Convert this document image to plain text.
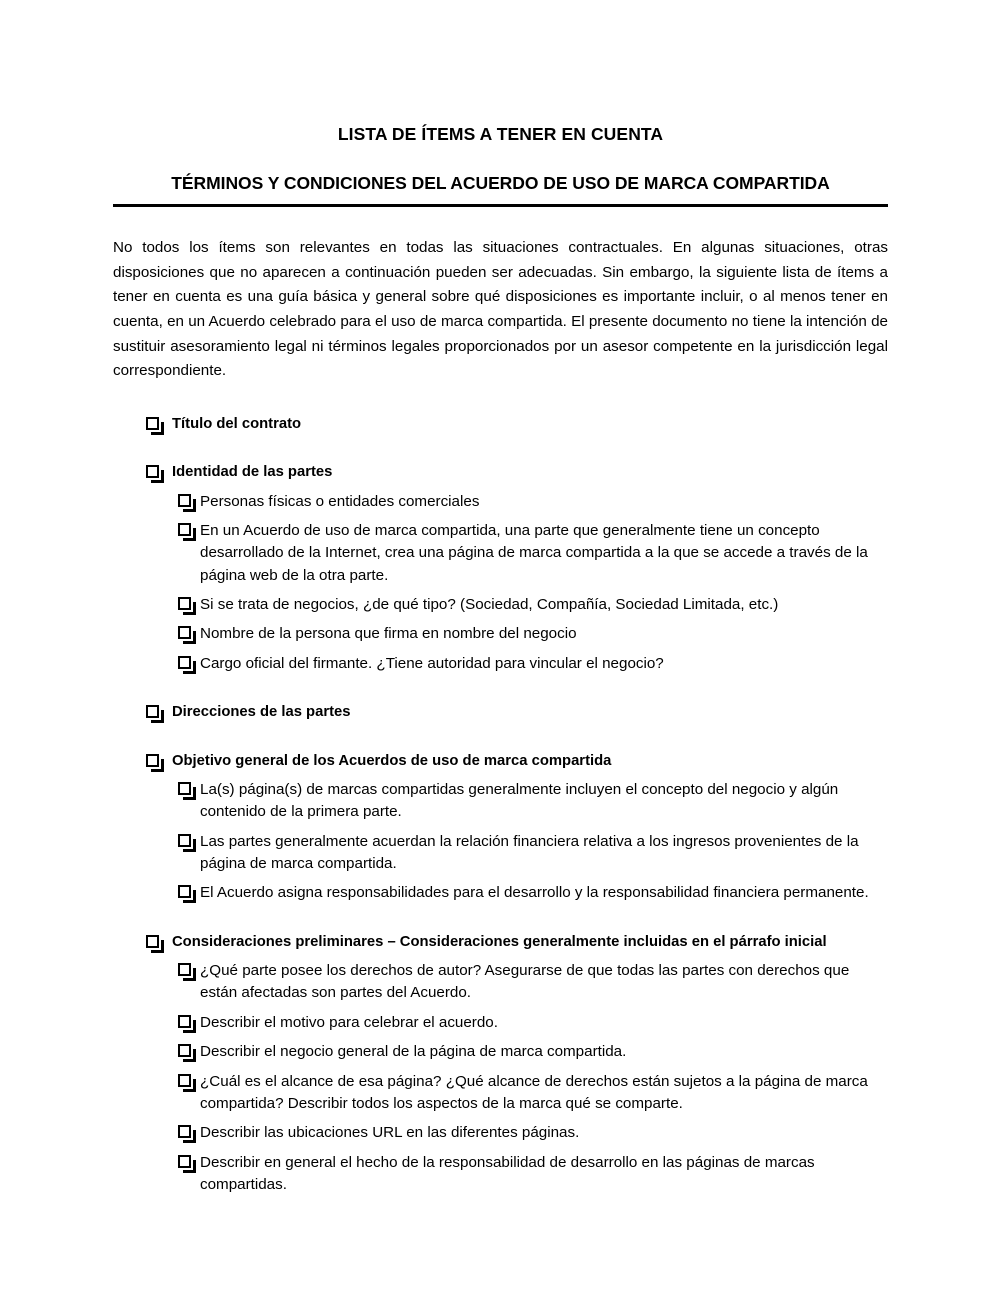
LISTA DE ÍTEMS A TENER EN CUENTA
TÉRMINOS Y CONDICIONES DEL ACUERDO DE USO DE MARCA COMPARTIDA

No todos los ítems son relevantes en todas las situaciones contractuales. En algunas situaciones, otras disposiciones que no aparecen a continuación pueden ser adecuadas. Sin embargo, la siguiente lista de ítems a tener en cuenta es una guía básica y general sobre qué disposiciones es importante incluir, o al menos tener en cuenta, en un Acuerdo celebrado para el uso de marca compartida. El presente documento no tiene la intención de sustituir asesoramiento legal ni términos legales proporcionados por un asesor competente en la jurisdicción legal correspondiente.

Título del contrato
Identidad de las partes
Personas físicas o entidades comerciales
En un Acuerdo de uso de marca compartida, una parte que generalmente tiene un concepto desarrollado de la Internet, crea una página de marca compartida a la que se accede a través de la página web de la otra parte.
Si se trata de negocios, ¿de qué tipo? (Sociedad, Compañía, Sociedad Limitada, etc.)
Nombre de la persona que firma en nombre del negocio
Cargo oficial del firmante. ¿Tiene autoridad para vincular el negocio?
Direcciones de las partes
Objetivo general de los Acuerdos de uso de marca compartida
La(s) página(s) de marcas compartidas generalmente incluyen el concepto del negocio y algún contenido de la primera parte.
Las partes generalmente acuerdan la relación financiera relativa a los ingresos provenientes de la página de marca compartida.
El Acuerdo asigna responsabilidades para el desarrollo y la responsabilidad financiera permanente.
Consideraciones preliminares – Consideraciones generalmente incluidas en el párrafo inicial
¿Qué parte posee los derechos de autor? Asegurarse de que todas las partes con derechos que están afectadas son partes del Acuerdo.
Describir el motivo para celebrar el acuerdo.
Describir el negocio general de la página de marca compartida.
¿Cuál es el alcance de esa página? ¿Qué alcance de derechos están sujetos a la página de marca compartida? Describir todos los aspectos de la marca qué se comparte.
Describir las ubicaciones URL en las diferentes páginas.
Describir en general el hecho de la responsabilidad de desarrollo en las páginas de marcas compartidas.
